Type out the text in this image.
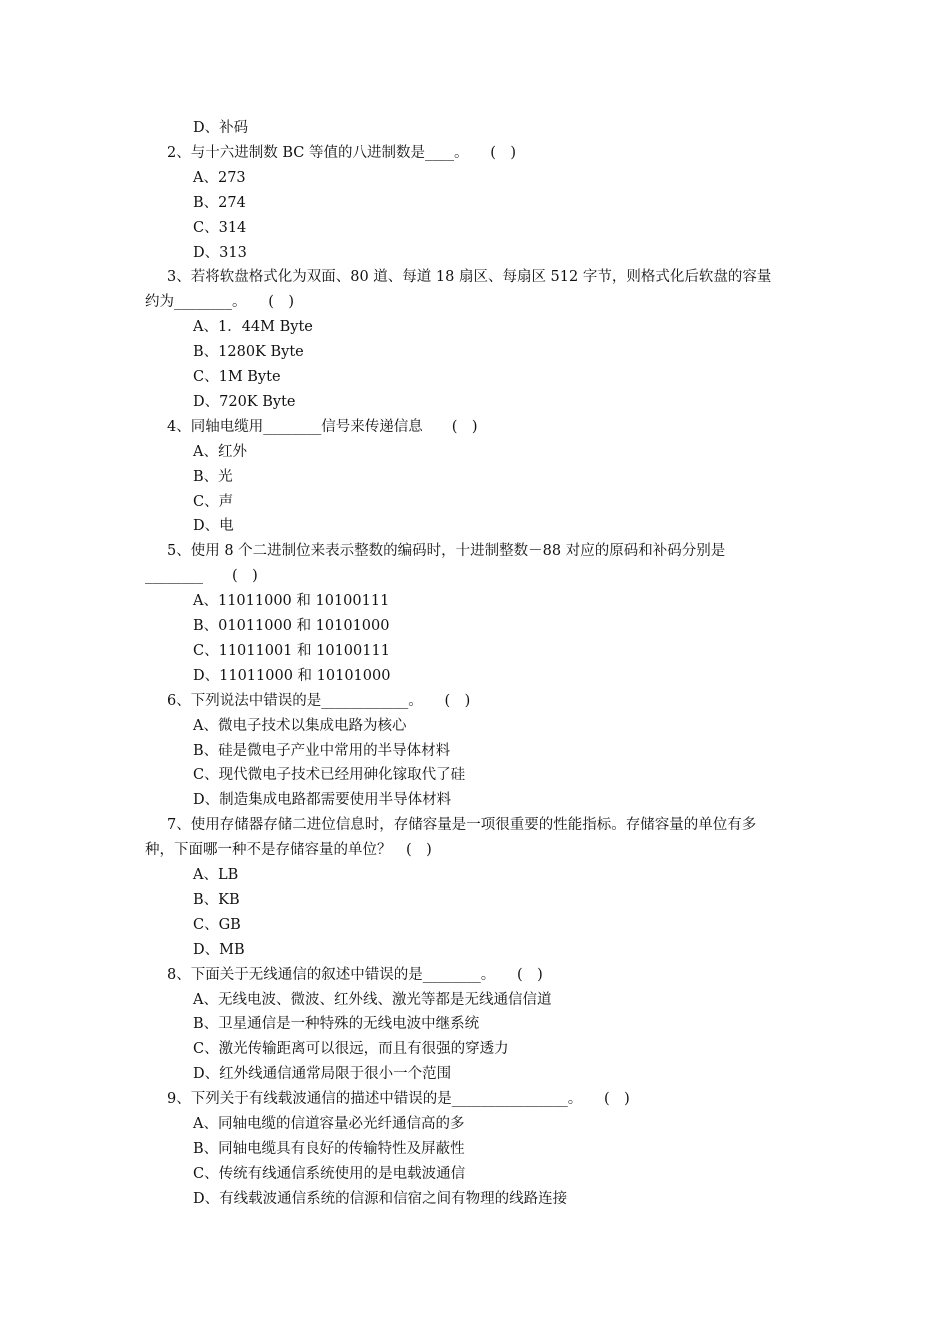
D、补码
2、与十六进制数 BC 等值的八进制数是____。　　(　)
A、273
B、274
C、314
D、313
3、若将软盘格式化为双面、80 道、每道 18 扇区、每扇区 512 字节，则格式化后软盘的容量
约为________。　　(　)
A、1．44M Byte
B、1280K Byte
C、1M Byte
D、720K Byte
4、同轴电缆用________信号来传递信息　　(　)
A、红外
B、光
C、声
D、电
5、使用 8 个二进制位来表示整数的编码时，十进制整数－88 对应的原码和补码分别是
________　　(　)
A、11011000 和 10100111
B、01011000 和 10101000
C、11011001 和 10100111
D、11011000 和 10101000
6、下列说法中错误的是____________。　　(　)
A、微电子技术以集成电路为核心
B、硅是微电子产业中常用的半导体材料
C、现代微电子技术已经用砷化镓取代了硅
D、制造集成电路都需要使用半导体材料
7、使用存储器存储二进位信息时，存储容量是一项很重要的性能指标。存储容量的单位有多
种，下面哪一种不是存储容量的单位？　(　)
A、LB
B、KB
C、GB
D、MB
8、下面关于无线通信的叙述中错误的是________。　　(　)
A、无线电波、微波、红外线、激光等都是无线通信信道
B、卫星通信是一种特殊的无线电波中继系统
C、激光传输距离可以很远，而且有很强的穿透力
D、红外线通信通常局限于很小一个范围
9、下列关于有线载波通信的描述中错误的是________________。　　(　)
A、同轴电缆的信道容量必光纤通信高的多
B、同轴电缆具有良好的传输特性及屏蔽性
C、传统有线通信系统使用的是电载波通信
D、有线载波通信系统的信源和信宿之间有物理的线路连接
